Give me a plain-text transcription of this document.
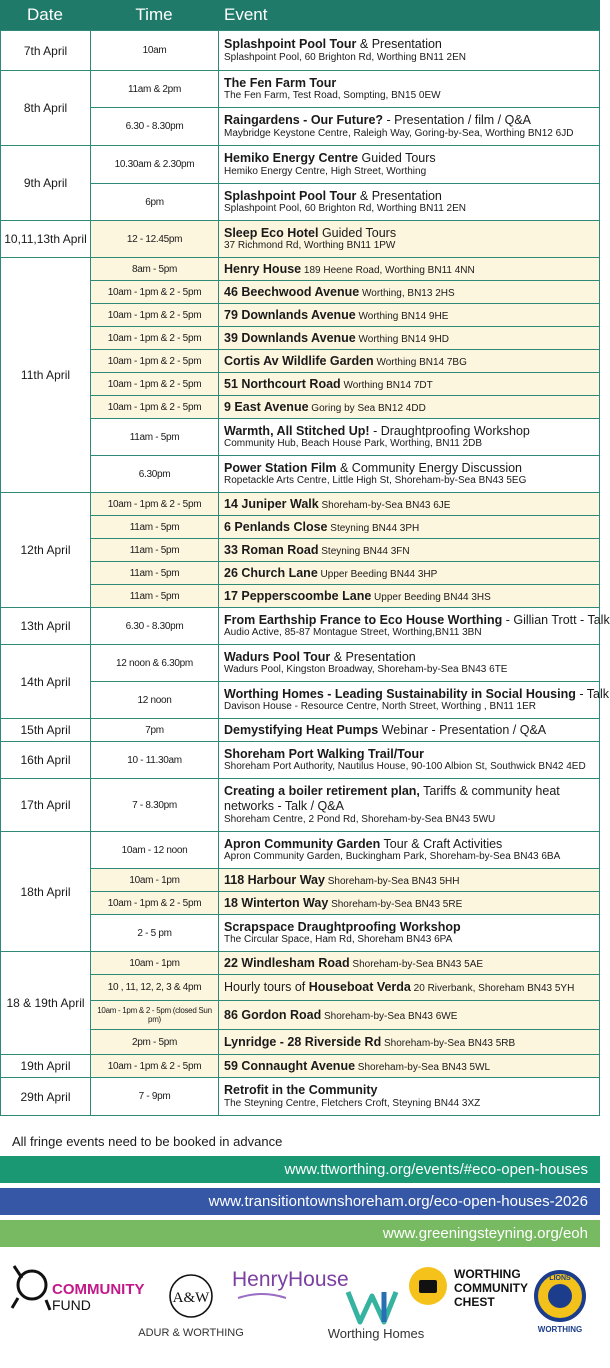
Date	Time	Event
7th April	10am	Splashpoint Pool Tour & Presentation
Splashpoint Pool, 60 Brighton Rd, Worthing BN11 2EN

8th April	11am & 2pm	The Fen Farm Tour
The Fen Farm, Test Road, Sompting, BN15 0EW

	6.30 - 8.30pm	Raingardens - Our Future? - Presentation / film / Q&A
Maybridge Keystone Centre, Raleigh Way, Goring-by-Sea, Worthing BN12 6JD

9th April	10.30am & 2.30pm	Hemiko Energy Centre Guided Tours
Hemiko Energy Centre, High Street, Worthing

	6pm	Splashpoint Pool Tour & Presentation
Splashpoint Pool, 60 Brighton Rd, Worthing BN11 2EN

10,11,13th April	12 - 12.45pm	Sleep Eco Hotel Guided Tours
37 Richmond Rd, Worthing BN11 1PW

11th April	8am - 5pm	Henry House 189 Heene Road, Worthing BN11 4NN

	10am - 1pm & 2 - 5pm	46 Beechwood Avenue Worthing, BN13 2HS

	10am - 1pm & 2 - 5pm	79 Downlands Avenue Worthing BN14 9HE

	10am - 1pm & 2 - 5pm	39 Downlands Avenue Worthing BN14 9HD

	10am - 1pm & 2 - 5pm	Cortis Av Wildlife Garden Worthing BN14 7BG

	10am - 1pm & 2 - 5pm	51 Northcourt Road Worthing BN14 7DT

	10am - 1pm & 2 - 5pm	9 East Avenue Goring by Sea BN12 4DD

	11am - 5pm	Warmth, All Stitched Up! - Draughtproofing Workshop
Community Hub, Beach House Park, Worthing, BN11 2DB

	6.30pm	Power Station Film & Community Energy Discussion
Ropetackle Arts Centre, Little High St, Shoreham-by-Sea BN43 5EG

12th April	10am - 1pm & 2 - 5pm	14 Juniper Walk Shoreham-by-Sea BN43 6JE

	11am - 5pm	6 Penlands Close Steyning BN44 3PH

	11am - 5pm	33 Roman Road Steyning BN44 3FN

	11am - 5pm	26 Church Lane Upper Beeding BN44 3HP

	11am - 5pm	17 Pepperscoombe Lane Upper Beeding BN44 3HS

13th April	6.30 - 8.30pm	From Earthship France to Eco House Worthing - Gillian Trott - Talk
Audio Active, 85-87 Montague Street, Worthing,BN11 3BN

14th April	12 noon & 6.30pm	Wadurs Pool Tour & Presentation
Wadurs Pool, Kingston Broadway, Shoreham-by-Sea BN43 6TE

	12 noon	Worthing Homes - Leading Sustainability in Social Housing - Talk
Davison House - Resource Centre, North Street, Worthing , BN11 1ER

15th April	7pm	Demystifying Heat Pumps Webinar - Presentation / Q&A

16th April	10 - 11.30am	Shoreham Port Walking Trail/Tour
Shoreham Port Authority, Nautilus House, 90-100 Albion St, Southwick BN42 4ED

17th April	7 - 8.30pm	Creating a boiler retirement plan, Tariffs & community heat networks - Talk / Q&A
Shoreham Centre, 2 Pond Rd, Shoreham-by-Sea BN43 5WU

18th April	10am - 12 noon	Apron Community Garden Tour & Craft Activities
Apron Community Garden, Buckingham Park, Shoreham-by-Sea BN43 6BA

	10am - 1pm	118 Harbour Way Shoreham-by-Sea BN43 5HH

	10am - 1pm & 2 - 5pm	18 Winterton Way Shoreham-by-Sea BN43 5RE

	2 - 5 pm	Scrapspace Draughtproofing Workshop
The Circular Space, Ham Rd, Shoreham BN43 6PA

18 & 19th April	10am - 1pm	22 Windlesham Road Shoreham-by-Sea BN43 5AE

	10 , 11, 12, 2, 3 & 4pm	Hourly tours of Houseboat Verda 20 Riverbank, Shoreham BN43 5YH

	10am - 1pm & 2 - 5pm (closed Sun pm)	86 Gordon Road Shoreham-by-Sea BN43 6WE

	2pm - 5pm	Lynridge - 28 Riverside Rd Shoreham-by-Sea BN43 5RB

19th April	10am - 1pm & 2 - 5pm	59 Connaught Avenue Shoreham-by-Sea BN43 5WL

29th April	7 - 9pm	Retrofit in the Community
The Steyning Centre, Fletchers Croft, Steyning BN44 3XZ
All fringe events need to be booked in advance
www.ttworthing.org/events/#eco-open-houses
www.transitiontownshoreham.org/eco-open-houses-2026
www.greeningsteyning.org/eoh
COMMUNITY
FUND	A&W
ADUR & WORTHING
HenryHouse
Worthing Homes
WORTHING
COMMUNITY
CHEST
LIONS
WORTHING
